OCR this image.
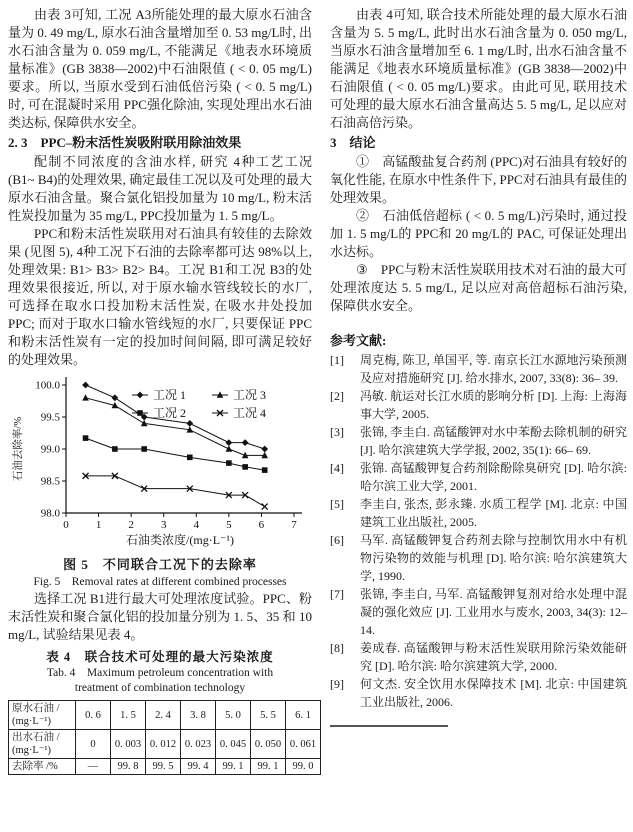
由表 3可知, 工况 A3所能处理的最大原水石油含量为 0. 49 mg/L, 原水石油含量增加至 0. 53 mg/L时, 出水石油含量为 0. 059 mg/L, 不能满足《地表水环境质量标准》(GB 3838—2002)中石油限值 ( < 0. 05 mg/L)要求。所以, 当原水受到石油低倍污染 ( < 0. 5 mg/L)时, 可在混凝时采用 PPC强化除油, 实现处理出水石油类达标, 保障供水安全。

2. 3　PPC–粉末活性炭吸附联用除油效果

配制不同浓度的含油水样, 研究 4种工艺工况 (B1~ B4)的处理效果, 确定最佳工况以及可处理的最大原水石油含量。聚合氯化铝投加量为 10 mg/L, 粉末活性炭投加量为 35 mg/L, PPC投加量为 1. 5 mg/L。

PPC和粉末活性炭联用对石油具有较佳的去除效果 (见图 5), 4种工况下石油的去除率都可达 98%以上, 处理效果: B1> B3> B2> B4。工况 B1和工况 B3的处理效果很接近, 所以, 对于原水输水管线较长的水厂, 可选择在取水口投加粉末活性炭, 在吸水井处投加 PPC; 而对于取水口输水管线短的水厂, 只要保证 PPC和粉末活性炭有一定的投加时间间隔, 即可满足较好的处理效果。

98.0
98.5
99.0
99.5
100.0
0 1 2 3 4 5 6 7
石油类浓度/(mg·L⁻¹)
石油去除率/%
工况 1	工况 3
工况 2	工况 4
图 5　不同联合工况下的去除率
Fig. 5　Removal rates at different combined processes

选择工况 B1进行最大可处理浓度试验。PPC、粉末活性炭和聚合氯化铝的投加量分别为 1. 5、35 和 10 mg/L, 试验结果见表 4。

表 4　联合技术可处理的最大污染浓度
Tab. 4　Maximum petroleum concentration with
treatment of combination technology
原水石油 /
(mg·L⁻¹)	0. 6	1. 5	2. 4	3. 8	5. 0	5. 5	6. 1

出水石油 /
(mg·L⁻¹)	0	0. 003	0. 012	0. 023	0. 045	0. 050	0. 061

去除率 /%	—	99. 8	99. 5	99. 4	99. 1	99. 1	99. 0

由表 4可知, 联合技术所能处理的最大原水石油含量为 5. 5 mg/L, 此时出水石油含量为 0. 050 mg/L, 当原水石油含量增加至 6. 1 mg/L时, 出水石油含量不能满足《地表水环境质量标准》(GB 3838—2002)中石油限值 ( < 0. 05 mg/L)要求。由此可见, 联用技术可处理的最大原水石油含量高达 5. 5 mg/L, 足以应对石油高倍污染。

3　结论

①　高锰酸盐复合药剂 (PPC)对石油具有较好的氧化性能, 在原水中性条件下, PPC对石油具有最佳的处理效果。

②　石油低倍超标 ( < 0. 5 mg/L)污染时, 通过投加 1. 5 mg/L的 PPC和 20 mg/L的 PAC, 可保证处理出水达标。

③　PPC与粉末活性炭联用技术对石油的最大可处理浓度达 5. 5 mg/L, 足以应对高倍超标石油污染, 保障供水安全。

参考文献:
[1] 周克梅, 陈卫, 单国平, 等. 南京长江水源地污染预测及应对措施研究 [J]. 给水排水, 2007, 33(8): 36– 39.
[2] 冯敏. 航运对长江水质的影响分析 [D]. 上海: 上海海事大学, 2005.
[3] 张锦, 李圭白. 高锰酸钾对水中苯酚去除机制的研究 [J]. 哈尔滨建筑大学学报, 2002, 35(1): 66– 69.
[4] 张锦. 高锰酸钾复合药剂除酚除臭研究 [D]. 哈尔滨: 哈尔滨工业大学, 2001.
[5] 李圭白, 张杰, 彭永臻. 水质工程学 [M]. 北京: 中国建筑工业出版社, 2005.
[6] 马军. 高锰酸钾复合药剂去除与控制饮用水中有机物污染物的效能与机理 [D]. 哈尔滨: 哈尔滨建筑大学, 1990.
[7] 张锦, 李圭白, 马军. 高锰酸钾复剂对给水处理中混凝的强化效应 [J]. 工业用水与废水, 2003, 34(3): 12– 14.
[8] 姜成春. 高锰酸钾与粉末活性炭联用除污染效能研究 [D]. 哈尔滨: 哈尔滨建筑大学, 2000.
[9] 何文杰. 安全饮用水保障技术 [M]. 北京: 中国建筑工业出版社, 2006.
